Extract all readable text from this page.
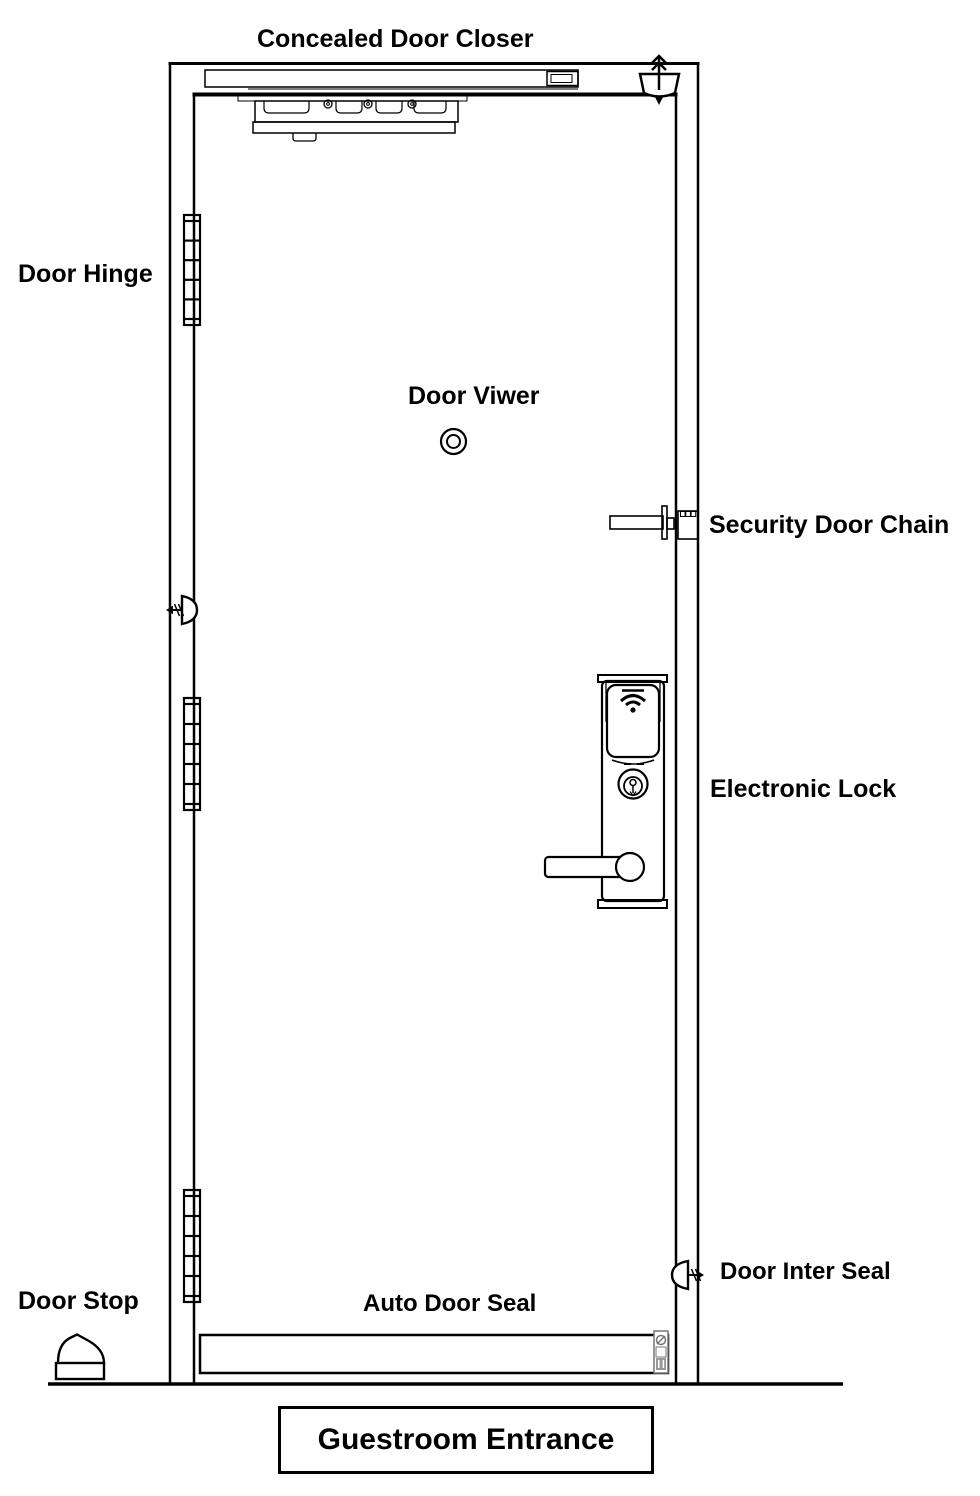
Concealed Door Closer
Door Hinge
Door Viwer
Security Door Chain
Electronic Lock
Door Inter Seal
Auto Door Seal
Door Stop
Guestroom Entrance
